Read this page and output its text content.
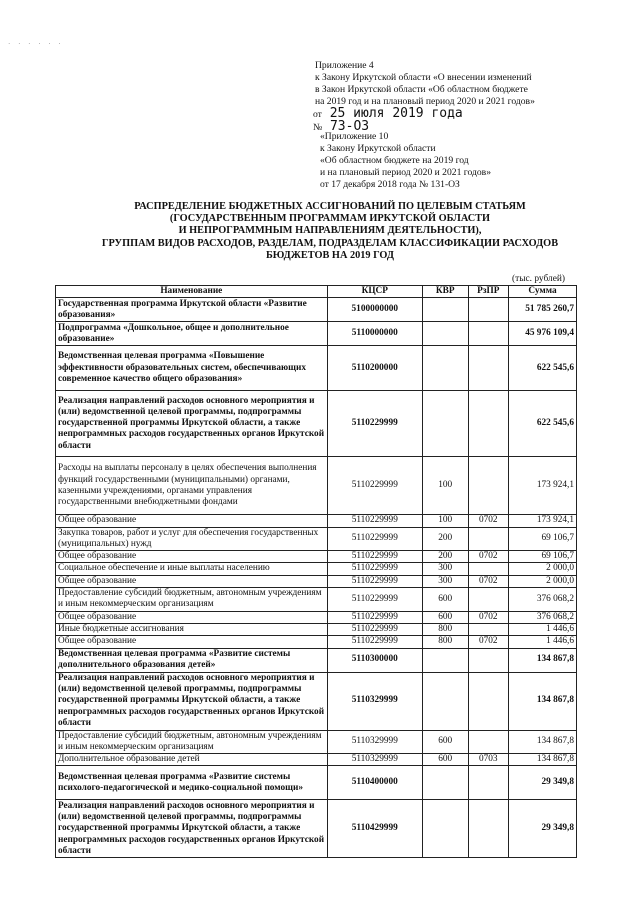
· · · · · ·
Приложение 4
к Закону Иркутской области «О внесении изменений
в Закон Иркутской области «Об областном бюджете
на 2019 год и на плановый период 2020 и 2021 годов»
от 25 июля 2019 года
№ 73-ОЗ
«Приложение 10
к Закону Иркутской области
«Об областном бюджете на 2019 год
и на плановый период 2020 и 2021 годов»
от 17 декабря 2018 года № 131-ОЗ
РАСПРЕДЕЛЕНИЕ БЮДЖЕТНЫХ АССИГНОВАНИЙ ПО ЦЕЛЕВЫМ СТАТЬЯМ
(ГОСУДАРСТВЕННЫМ ПРОГРАММАМ ИРКУТСКОЙ ОБЛАСТИ
И НЕПРОГРАММНЫМ НАПРАВЛЕНИЯМ ДЕЯТЕЛЬНОСТИ),
ГРУППАМ ВИДОВ РАСХОДОВ, РАЗДЕЛАМ, ПОДРАЗДЕЛАМ КЛАССИФИКАЦИИ РАСХОДОВ
БЮДЖЕТОВ НА 2019 ГОД
(тыс. рублей)
Наименование	КЦСР	КВР	РзПР	Сумма
Государственная программа Иркутской области «Развитие образования»	5100000000			51 785 260,7
Подпрограмма «Дошкольное, общее и дополнительное образование»	5110000000			45 976 109,4
Ведомственная целевая программа «Повышение эффективности образовательных систем, обеспечивающих современное качество общего образования»	5110200000			622 545,6
Реализация направлений расходов основного мероприятия и (или) ведомственной целевой программы, подпрограммы государственной программы Иркутской области, а также непрограммных расходов государственных органов Иркутской области	5110229999			622 545,6
Расходы на выплаты персоналу в целях обеспечения выполнения функций государственными (муниципальными) органами, казенными учреждениями, органами управления государственными внебюджетными фондами	5110229999	100		173 924,1
Общее образование	5110229999	100	0702	173 924,1
Закупка товаров, работ и услуг для обеспечения государственных (муниципальных) нужд	5110229999	200		69 106,7
Общее образование	5110229999	200	0702	69 106,7
Социальное обеспечение и иные выплаты населению	5110229999	300		2 000,0
Общее образование	5110229999	300	0702	2 000,0
Предоставление субсидий бюджетным, автономным учреждениям и иным некоммерческим организациям	5110229999	600		376 068,2
Общее образование	5110229999	600	0702	376 068,2
Иные бюджетные ассигнования	5110229999	800		1 446,6
Общее образование	5110229999	800	0702	1 446,6
Ведомственная целевая программа «Развитие системы дополнительного образования детей»	5110300000			134 867,8
Реализация направлений расходов основного мероприятия и (или) ведомственной целевой программы, подпрограммы государственной программы Иркутской области, а также непрограммных расходов государственных органов Иркутской области	5110329999			134 867,8
Предоставление субсидий бюджетным, автономным учреждениям и иным некоммерческим организациям	5110329999	600		134 867,8
Дополнительное образование детей	5110329999	600	0703	134 867,8
Ведомственная целевая программа «Развитие системы психолого-педагогической и медико-социальной помощи»	5110400000			29 349,8
Реализация направлений расходов основного мероприятия и (или) ведомственной целевой программы, подпрограммы государственной программы Иркутской области, а также непрограммных расходов государственных органов Иркутской области	5110429999			29 349,8
